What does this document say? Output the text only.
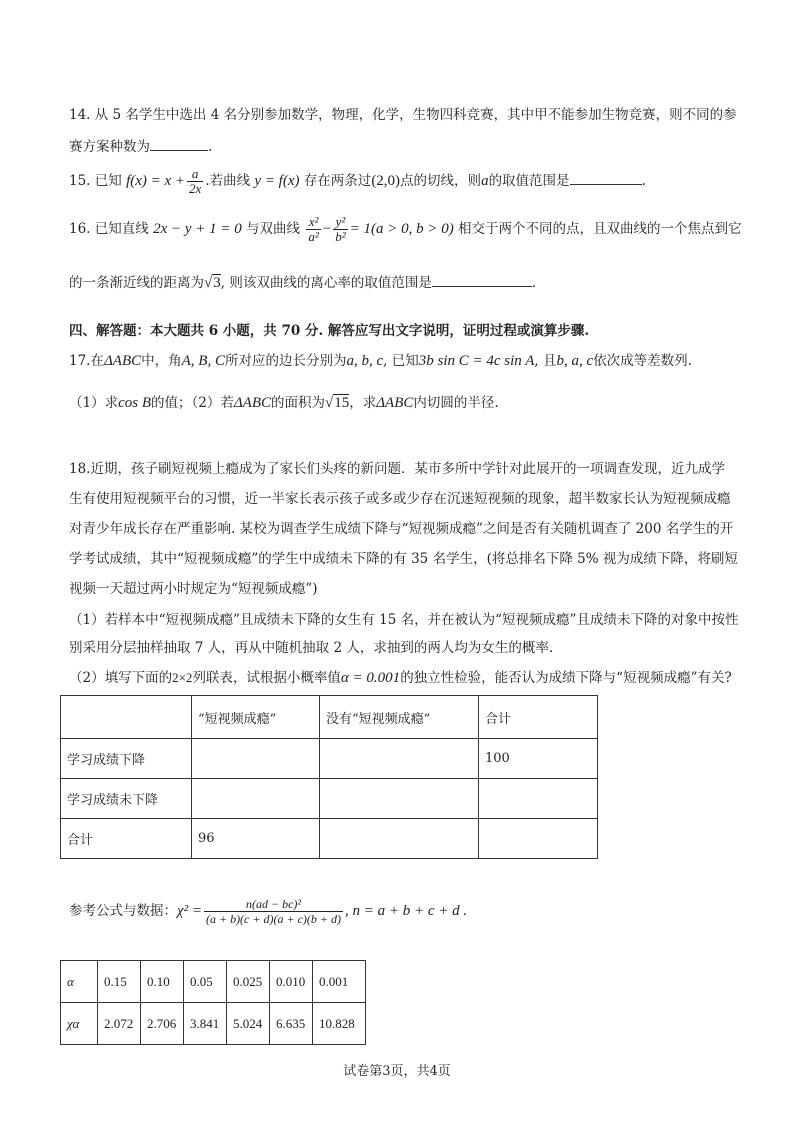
14. 从 5 名学生中选出 4 名分别参加数学，物理，化学，生物四科竞赛，其中甲不能参加生物竞赛，则不同的参
赛方案种数为	.
15. 已知 $f(x) = x + \frac{a}{2x}$ .若曲线 y = f(x) 存在两条过(2,0)点的切线，则a的取值范围是	.
16. 已知直线 2x − y + 1 = 0 与双曲线 $\frac{\text{x²}}{\text{a²}} - \frac{\text{y²}}{\text{b²}} = 1(a > 0$, b > 0) 相交于两个不同的点，且双曲线的一个焦点到它
的一条渐近线的距离为√3, 则该双曲线的离心率的取值范围是	.
四、解答题：本大题共 6 小题，共 70 分. 解答应写出文字说明，证明过程或演算步骤.
17.在ΔABC中，角A, B, C所对应的边长分别为a, b, c, 已知3b sin C = 4c sin A, 且b, a, c依次成等差数列.
（1）求cos B的值；（2）若ΔABC的面积为√15，求ΔABC内切圆的半径.
18.近期，孩子刷短视频上瘾成为了家长们头疼的新问题．某市多所中学针对此展开的一项调查发现，近九成学
生有使用短视频平台的习惯，近一半家长表示孩子或多或少存在沉迷短视频的现象，超半数家长认为短视频成瘾
对青少年成长存在严重影响. 某校为调查学生成绩下降与“短视频成瘾”之间是否有关随机调查了 200 名学生的开
学考试成绩，其中“短视频成瘾”的学生中成绩未下降的有 35 名学生，(将总排名下降 5% 视为成绩下降，将刷短
视频一天超过两小时规定为“短视频成瘾”)
（1）若样本中“短视频成瘾”且成绩未下降的女生有 15 名，并在被认为“短视频成瘾”且成绩未下降的对象中按性
别采用分层抽样抽取 7 人，再从中随机抽取 2 人，求抽到的两人均为女生的概率.
（2）填写下面的2×2列联表，试根据小概率值α = 0.001的独立性检验，能否认为成绩下降与“短视频成瘾”有关?
	“短视频成瘾”	没有“短视频成瘾”	合计
学习成绩下降			100
学习成绩未下降			
合计	96		
参考公式与数据：$\chi^2 = \frac{\text{n(ad − bc)²}}{(a + b)(c + d)(a + c)(b + d)}$ , n = a + b + c + d .
α	0.15	0.10	0.05	0.025	0.010	0.001
χα	2.072	2.706	3.841	5.024	6.635	10.828
试卷第3页，共4页
